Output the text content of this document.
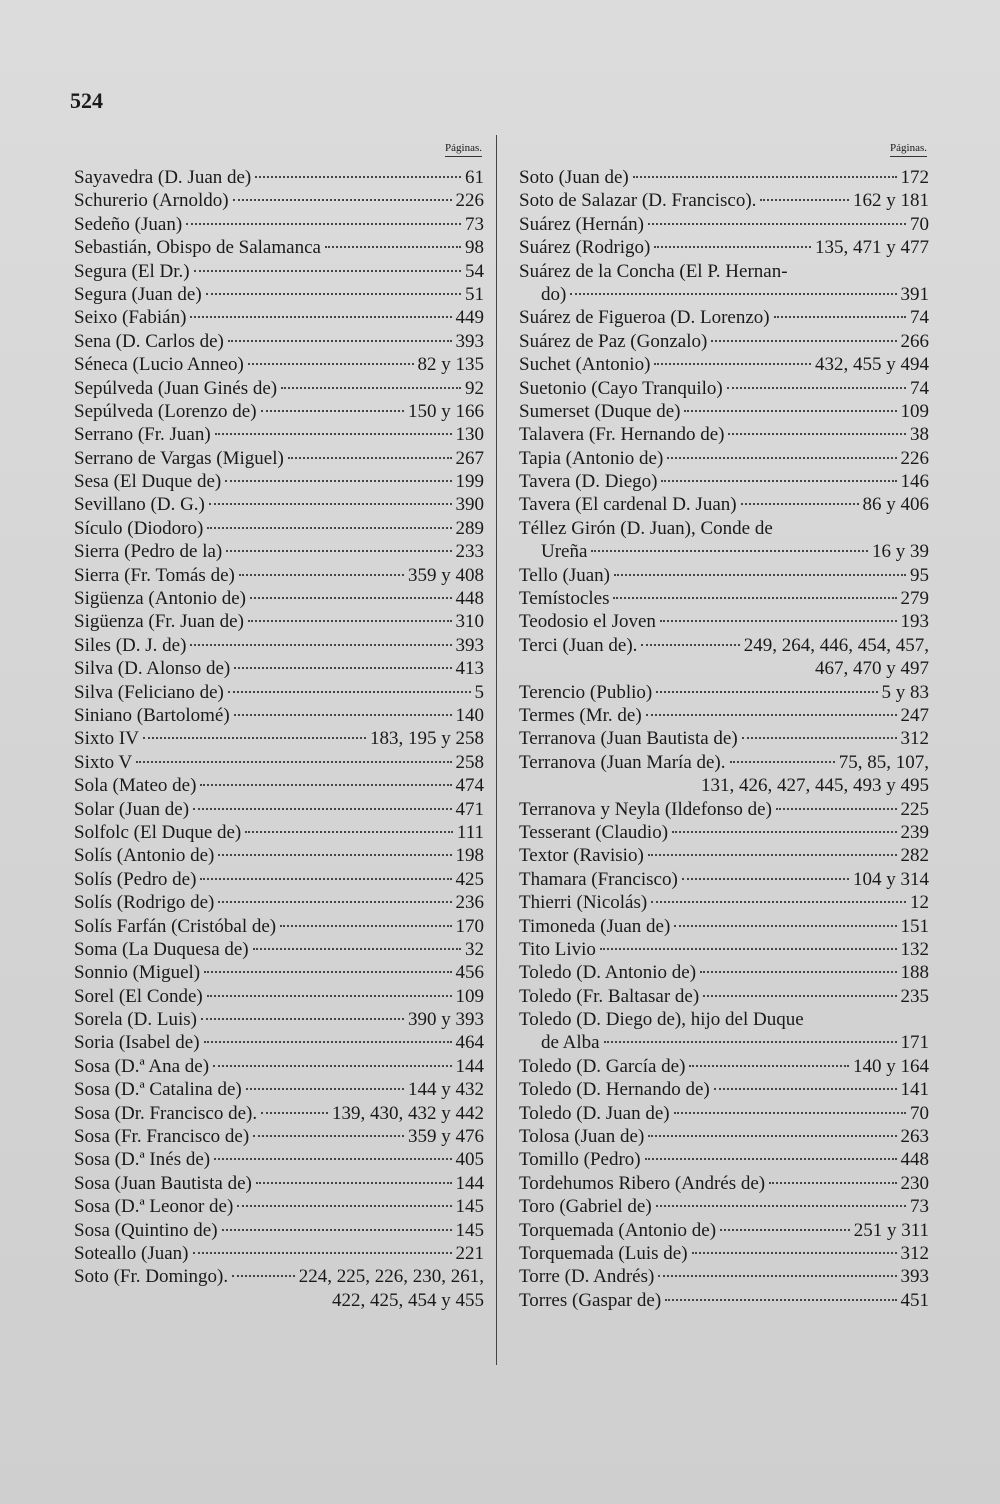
524
Páginas.
Sayavedra (D. Juan de)	61
Schurerio (Arnoldo)	226
Sedeño (Juan)	73
Sebastián, Obispo de Salamanca	98
Segura (El Dr.)	54
Segura (Juan de)	51
Seixo (Fabián)	449
Sena (D. Carlos de)	393
Séneca (Lucio Anneo)	82 y 135
Sepúlveda (Juan Ginés de)	92
Sepúlveda (Lorenzo de)	150 y 166
Serrano (Fr. Juan)	130
Serrano de Vargas (Miguel)	267
Sesa (El Duque de)	199
Sevillano (D. G.)	390
Sículo (Diodoro)	289
Sierra (Pedro de la)	233
Sierra (Fr. Tomás de)	359 y 408
Sigüenza (Antonio de)	448
Sigüenza (Fr. Juan de)	310
Siles (D. J. de)	393
Silva (D. Alonso de)	413
Silva (Feliciano de)	5
Siniano (Bartolomé)	140
Sixto IV	183, 195 y 258
Sixto V	258
Sola (Mateo de)	474
Solar (Juan de)	471
Solfolc (El Duque de)	111
Solís (Antonio de)	198
Solís (Pedro de)	425
Solís (Rodrigo de)	236
Solís Farfán (Cristóbal de)	170
Soma (La Duquesa de)	32
Sonnio (Miguel)	456
Sorel (El Conde)	109
Sorela (D. Luis)	390 y 393
Soria (Isabel de)	464
Sosa (D.ª Ana de)	144
Sosa (D.ª Catalina de)	144 y 432
Sosa (Dr. Francisco de).	139, 430, 432 y 442
Sosa (Fr. Francisco de)	359 y 476
Sosa (D.ª Inés de)	405
Sosa (Juan Bautista de)	144
Sosa (D.ª Leonor de)	145
Sosa (Quintino de)	145
Soteallo (Juan)	221
Soto (Fr. Domingo).	224, 225, 226, 230, 261,
422, 425, 454 y 455
Páginas.
Soto (Juan de)	172
Soto de Salazar (D. Francisco).	162 y 181
Suárez (Hernán)	70
Suárez (Rodrigo)	135, 471 y 477
Suárez de la Concha (El P. Hernan-
do)	391
Suárez de Figueroa (D. Lorenzo)	74
Suárez de Paz (Gonzalo)	266
Suchet (Antonio)	432, 455 y 494
Suetonio (Cayo Tranquilo)	74
Sumerset (Duque de)	109
Talavera (Fr. Hernando de)	38
Tapia (Antonio de)	226
Tavera (D. Diego)	146
Tavera (El cardenal D. Juan)	86 y 406
Téllez Girón (D. Juan), Conde de
Ureña	16 y 39
Tello (Juan)	95
Temístocles	279
Teodosio el Joven	193
Terci (Juan de).	249, 264, 446, 454, 457,
467, 470 y 497
Terencio (Publio)	5 y 83
Termes (Mr. de)	247
Terranova (Juan Bautista de)	312
Terranova (Juan María de).	75, 85, 107,
131, 426, 427, 445, 493 y 495
Terranova y Neyla (Ildefonso de)	225
Tesserant (Claudio)	239
Textor (Ravisio)	282
Thamara (Francisco)	104 y 314
Thierri (Nicolás)	12
Timoneda (Juan de)	151
Tito Livio	132
Toledo (D. Antonio de)	188
Toledo (Fr. Baltasar de)	235
Toledo (D. Diego de), hijo del Duque
de Alba	171
Toledo (D. García de)	140 y 164
Toledo (D. Hernando de)	141
Toledo (D. Juan de)	70
Tolosa (Juan de)	263
Tomillo (Pedro)	448
Tordehumos Ribero (Andrés de)	230
Toro (Gabriel de)	73
Torquemada (Antonio de)	251 y 311
Torquemada (Luis de)	312
Torre (D. Andrés)	393
Torres (Gaspar de)	451
